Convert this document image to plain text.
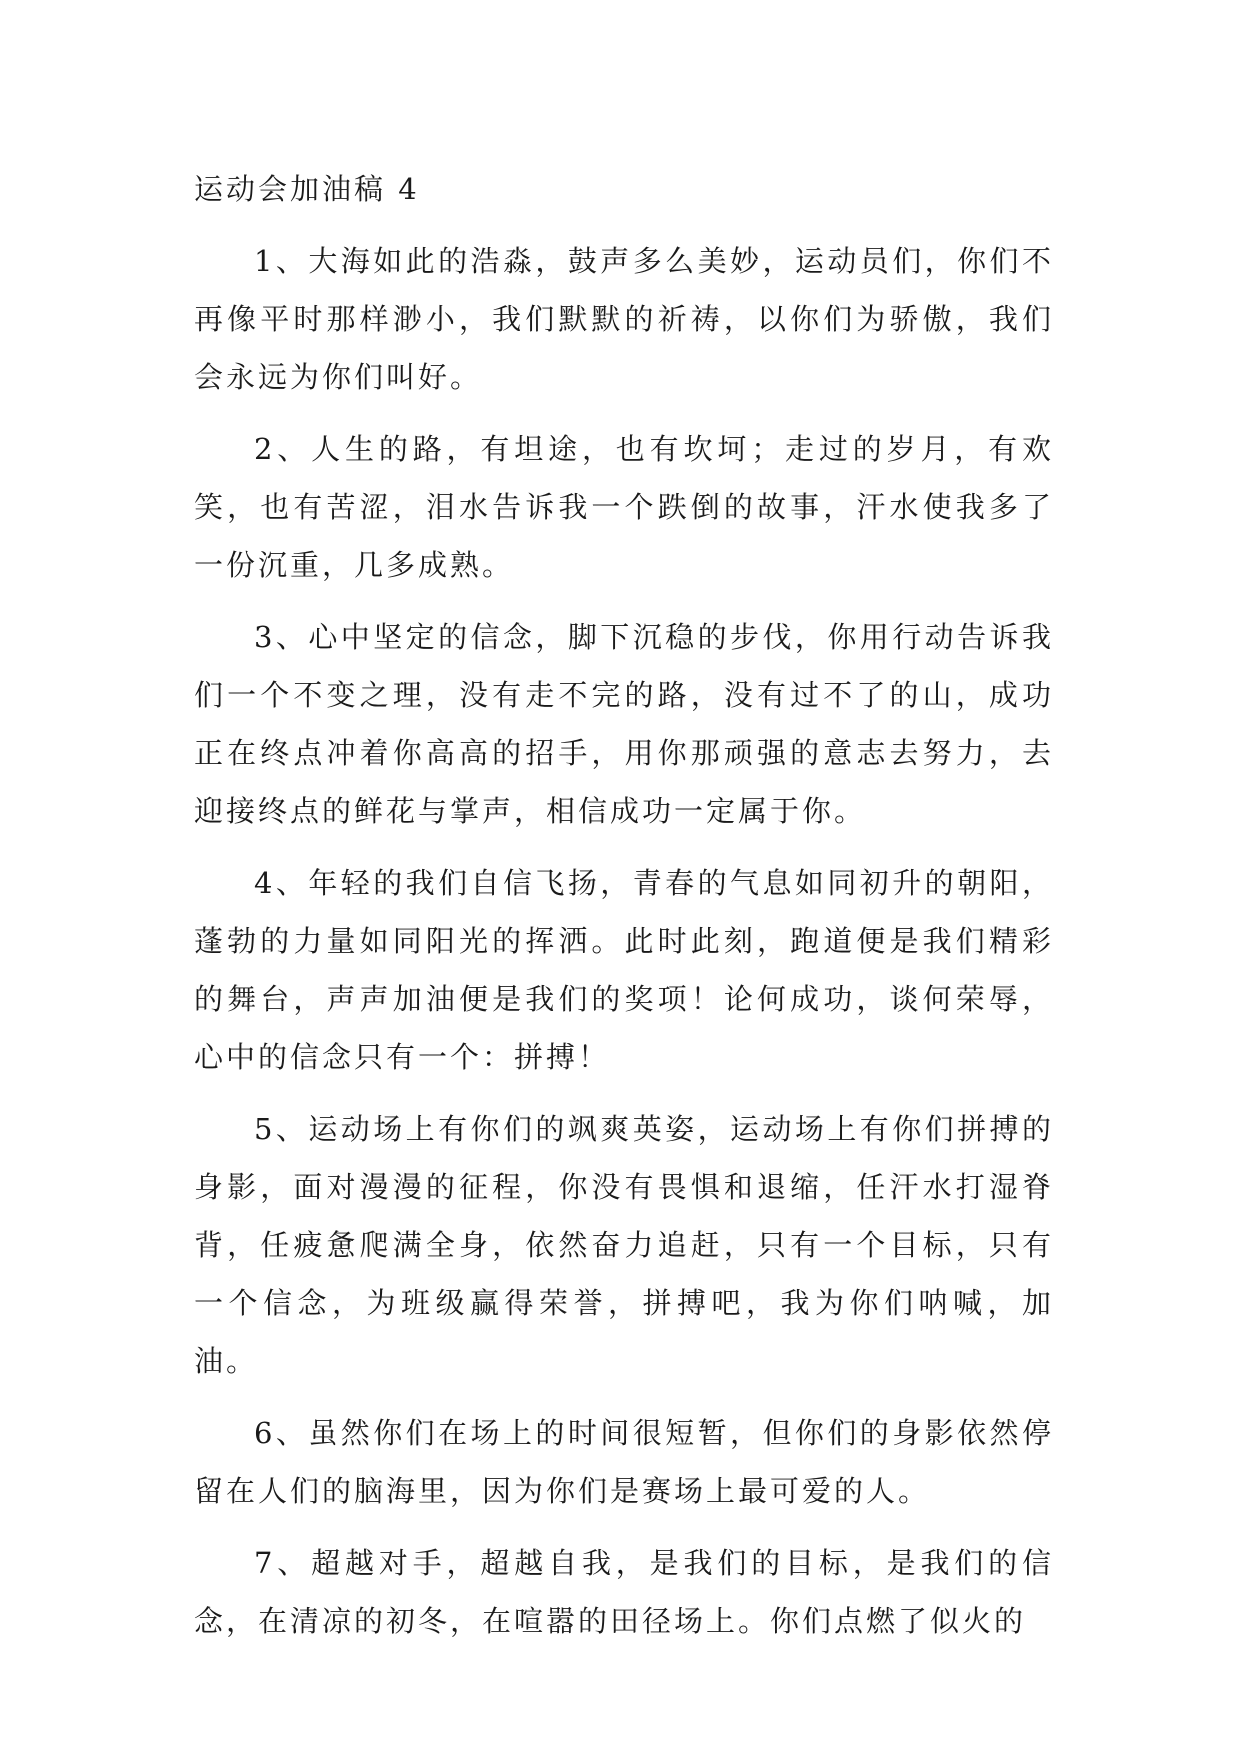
运动会加油稿 4

1、大海如此的浩淼，鼓声多么美妙，运动员们，你们不再像平时那样渺小，我们默默的祈祷，以你们为骄傲，我们会永远为你们叫好。

2、人生的路，有坦途，也有坎坷；走过的岁月，有欢笑，也有苦涩，泪水告诉我一个跌倒的故事，汗水使我多了一份沉重，几多成熟。

3、心中坚定的信念，脚下沉稳的步伐，你用行动告诉我们一个不变之理，没有走不完的路，没有过不了的山，成功正在终点冲着你高高的招手，用你那顽强的意志去努力，去迎接终点的鲜花与掌声，相信成功一定属于你。

4、年轻的我们自信飞扬，青春的气息如同初升的朝阳，蓬勃的力量如同阳光的挥洒。此时此刻，跑道便是我们精彩的舞台，声声加油便是我们的奖项！论何成功，谈何荣辱，心中的信念只有一个：拼搏！

5、运动场上有你们的飒爽英姿，运动场上有你们拼搏的身影，面对漫漫的征程，你没有畏惧和退缩，任汗水打湿脊背，任疲惫爬满全身，依然奋力追赶，只有一个目标，只有一个信念，为班级赢得荣誉，拼搏吧，我为你们呐喊，加油。

6、虽然你们在场上的时间很短暂，但你们的身影依然停留在人们的脑海里，因为你们是赛场上最可爱的人。

7、超越对手，超越自我，是我们的目标，是我们的信念，在清凉的初冬，在喧嚣的田径场上。你们点燃了似火的
